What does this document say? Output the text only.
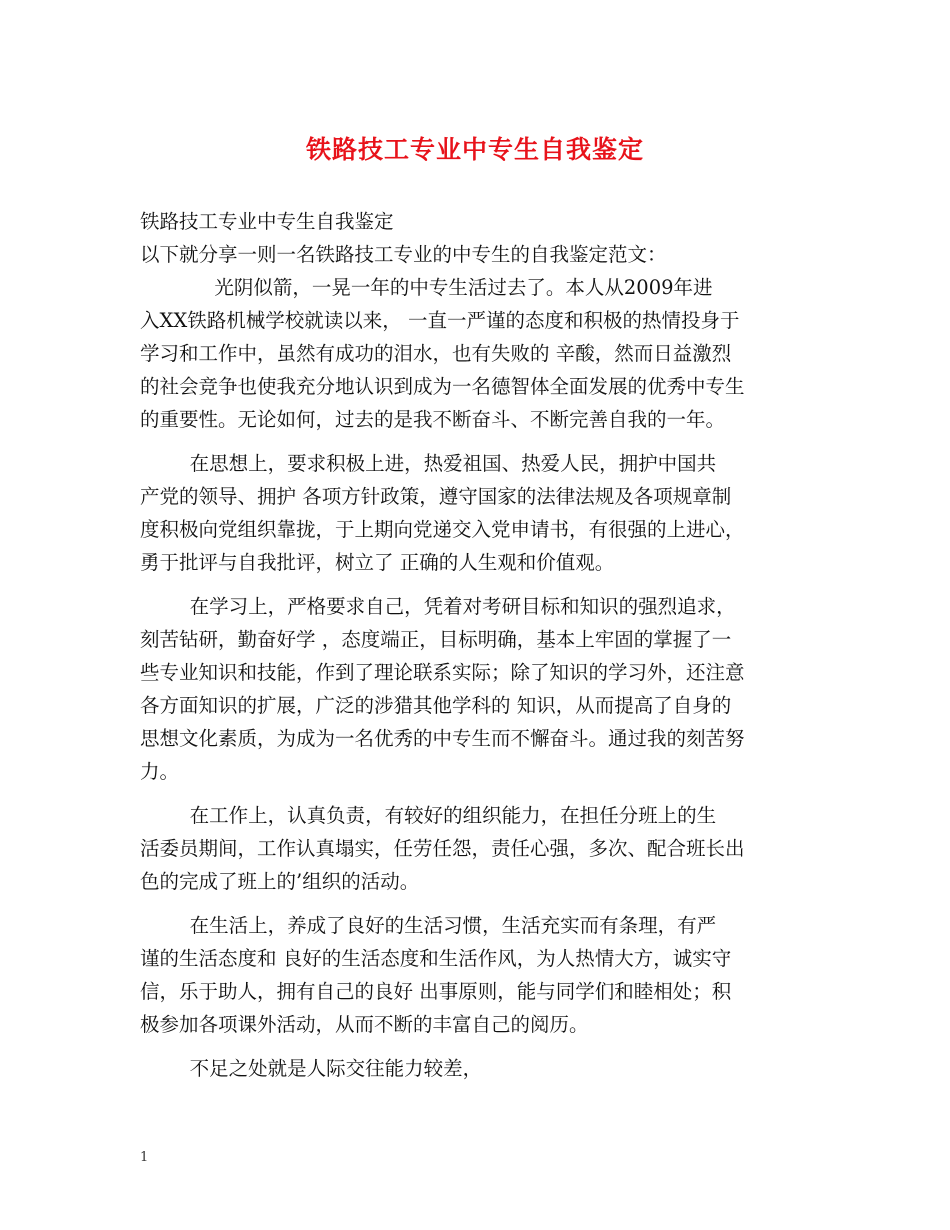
铁路技工专业中专生自我鉴定
铁路技工专业中专生自我鉴定
以下就分享一则一名铁路技工专业的中专生的自我鉴定范文：
光阴似箭，一晃一年的中专生活过去了。本人从2009年进
入XX铁路机械学校就读以来， 一直一严谨的态度和积极的热情投身于
学习和工作中，虽然有成功的泪水，也有失败的 辛酸，然而日益激烈
的社会竞争也使我充分地认识到成为一名德智体全面发展的优秀中专生
的重要性。无论如何，过去的是我不断奋斗、不断完善自我的一年。
在思想上，要求积极上进，热爱祖国、热爱人民，拥护中国共
产党的领导、拥护 各项方针政策，遵守国家的法律法规及各项规章制
度积极向党组织靠拢，于上期向党递交入党申请书，有很强的上进心，
勇于批评与自我批评，树立了 正确的人生观和价值观。
在学习上，严格要求自己，凭着对考研目标和知识的强烈追求，
刻苦钻研，勤奋好学 ，态度端正，目标明确，基本上牢固的掌握了一
些专业知识和技能，作到了理论联系实际；除了知识的学习外，还注意
各方面知识的扩展，广泛的涉猎其他学科的 知识，从而提高了自身的
思想文化素质，为成为一名优秀的中专生而不懈奋斗。通过我的刻苦努
力。
在工作上，认真负责，有较好的组织能力，在担任分班上的生
活委员期间，工作认真塌实，任劳任怨，责任心强，多次、配合班长出
色的完成了班上的’组织的活动。
在生活上，养成了良好的生活习惯，生活充实而有条理，有严
谨的生活态度和 良好的生活态度和生活作风，为人热情大方，诚实守
信，乐于助人，拥有自己的良好 出事原则，能与同学们和睦相处；积
极参加各项课外活动，从而不断的丰富自己的阅历。
不足之处就是人际交往能力较差，
1
